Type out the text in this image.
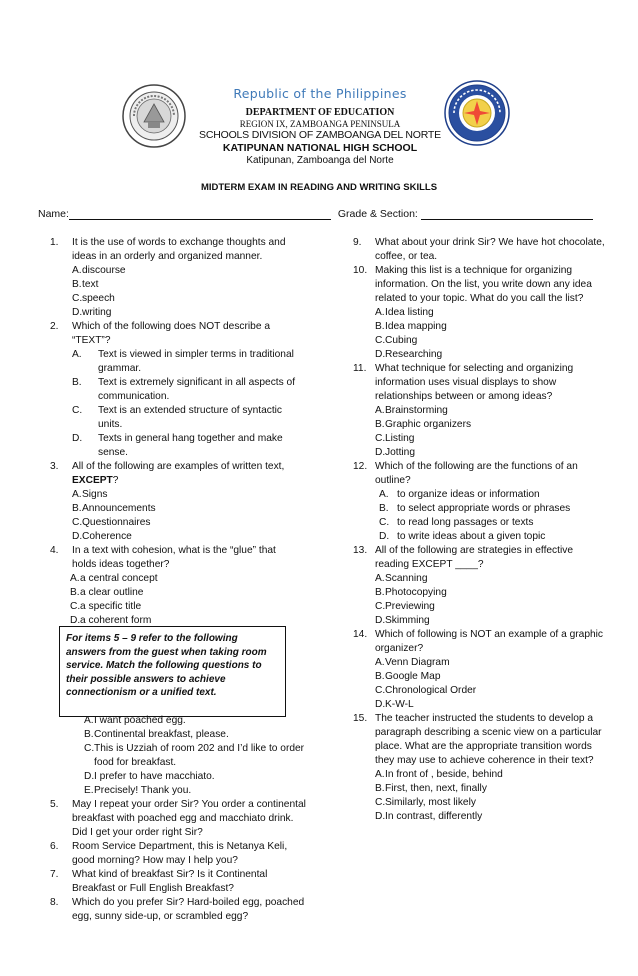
Republic of the Philippines
DEPARTMENT OF EDUCATION
REGION IX, ZAMBOANGA PENINSULA
SCHOOLS DIVISION OF ZAMBOANGA DEL NORTE
KATIPUNAN NATIONAL HIGH SCHOOL
Katipunan, Zamboanga del Norte
MIDTERM EXAM IN READING AND WRITING SKILLS
Name:	Grade & Section:
1. It is the use of words to exchange thoughts and ideas in an orderly and organized manner.
A. discourse
B. text
C. speech
D. writing
2. Which of the following does NOT describe a “TEXT”?
A. Text is viewed in simpler terms in traditional grammar.
B. Text is extremely significant in all aspects of communication.
C. Text is an extended structure of syntactic units.
D. Texts in general hang together and make sense.
3. All of the following are examples of written text, EXCEPT?
A. Signs
B. Announcements
C. Questionnaires
D. Coherence
4. In a text with cohesion, what is the “glue” that holds ideas together?
A. a central concept
B. a clear outline
C. a specific title
D. a coherent form
For items 5 – 9 refer to the following answers from the guest when taking room service. Match the following questions to their possible answers to achieve connectionism or a unified text.
A. I want poached egg.
B. Continental breakfast, please.
C. This is Uzziah of room 202 and I’d like to order food for breakfast.
D. I prefer to have macchiato.
E. Precisely! Thank you.
5. May I repeat your order Sir? You order a continental breakfast with poached egg and macchiato drink. Did I get your order right Sir?
6. Room Service Department, this is Netanya Keli, good morning? How may I help you?
7. What kind of breakfast Sir? Is it Continental Breakfast or Full English Breakfast?
8. Which do you prefer Sir? Hard-boiled egg, poached egg, sunny side-up, or scrambled egg?
9. What about your drink Sir? We have hot chocolate, coffee, or tea.
10. Making this list is a technique for organizing information. On the list, you write down any idea related to your topic. What do you call the list?
A. Idea listing
B. Idea mapping
C. Cubing
D. Researching
11. What technique for selecting and organizing information uses visual displays to show relationships between or among ideas?
A. Brainstorming
B. Graphic organizers
C. Listing
D. Jotting
12. Which of the following are the functions of an outline?
A. to organize ideas or information
B. to select appropriate words or phrases
C. to read long passages or texts
D. to write ideas about a given topic
13. All of the following are strategies in effective reading EXCEPT ____?
A. Scanning
B. Photocopying
C. Previewing
D. Skimming
14. Which of following is NOT an example of a graphic organizer?
A. Venn Diagram
B. Google Map
C. Chronological Order
D. K-W-L
15. The teacher instructed the students to develop a paragraph describing a scenic view on a particular place. What are the appropriate transition words they may use to achieve coherence in their text?
A. In front of , beside, behind
B. First, then, next, finally
C. Similarly, most likely
D. In contrast, differently
